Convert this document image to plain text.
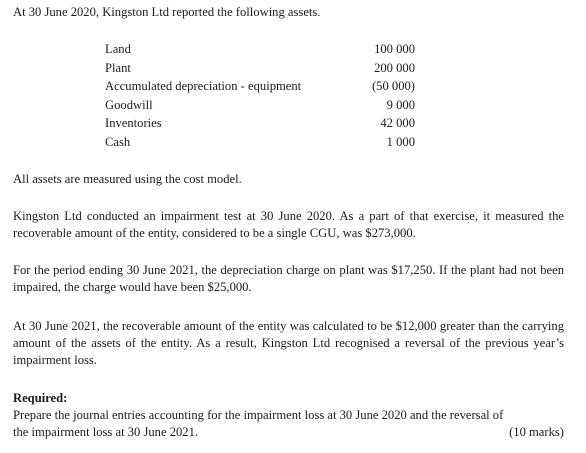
At 30 June 2020, Kingston Ltd reported the following assets.
Land	100 000
Plant	200 000
Accumulated depreciation - equipment	(50 000)
Goodwill	9 000
Inventories	42 000
Cash	1 000
All assets are measured using the cost model.
Kingston Ltd conducted an impairment test at 30 June 2020. As a part of that exercise, it measured the recoverable amount of the entity, considered to be a single CGU, was $273,000.
For the period ending 30 June 2021, the depreciation charge on plant was $17,250. If the plant had not been impaired, the charge would have been $25,000.
At 30 June 2021, the recoverable amount of the entity was calculated to be $12,000 greater than the carrying amount of the assets of the entity. As a result, Kingston Ltd recognised a reversal of the previous year’s impairment loss.
Required:
Prepare the journal entries accounting for the impairment loss at 30 June 2020 and the reversal of
the impairment loss at 30 June 2021.	(10 marks)
